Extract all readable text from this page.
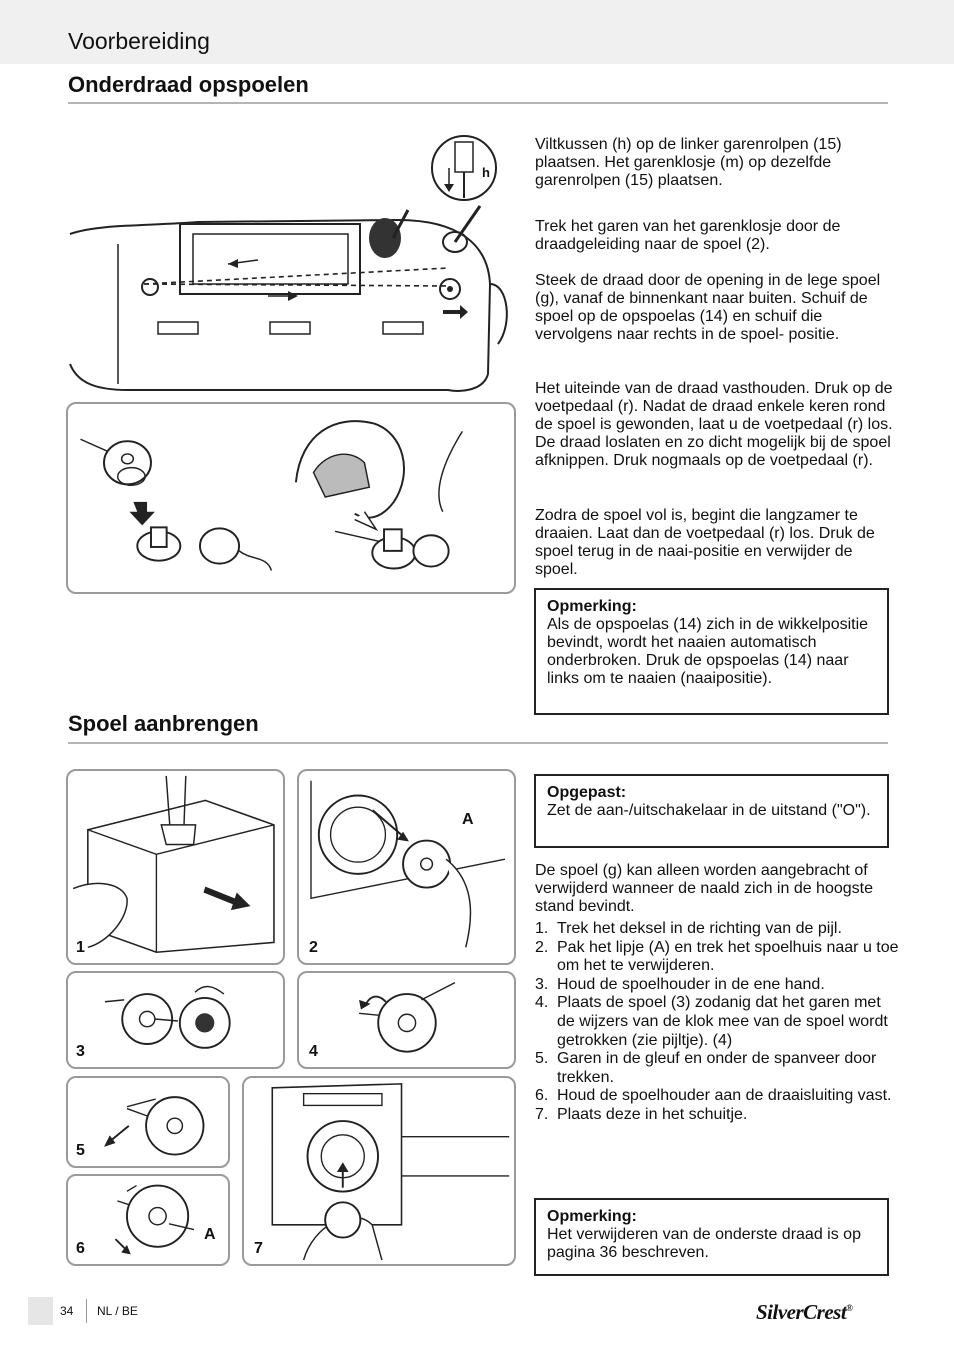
Voorbereiding
Onderdraad opspoelen
h

Viltkussen (h) op de linker garenrolpen (15) plaatsen. Het garenklosje (m) op dezelfde garenrolpen (15) plaatsen.

Trek het garen van het garenklosje door de draadgeleiding naar de spoel (2).

Steek de draad door de opening in de lege spoel (g), vanaf de binnenkant naar buiten. Schuif de spoel op de opspoelas (14) en schuif die vervolgens naar rechts in de spoel- positie.

Het uiteinde van de draad vasthouden. Druk op de voetpedaal (r). Nadat de draad enkele keren rond de spoel is gewonden, laat u de voetpedaal (r) los. De draad loslaten en zo dicht mogelijk bij de spoel afknippen. Druk nogmaals op de voetpedaal (r).

Zodra de spoel vol is, begint die langzamer te draaien. Laat dan de voetpedaal (r) los. Druk de spoel terug in de naai-positie en verwijder de spoel.

Opmerking:
Als de opspoelas (14) zich in de wikkelpositie bevindt, wordt het naaien automatisch onderbroken. Druk de opspoelas (14) naar links om te naaien (naaipositie).
Spoel aanbrengen
1
A
2
3	4
5
A
6	7
Opgepast:
Zet de aan-/uitschakelaar in de uitstand ("O").

De spoel (g) kan alleen worden aangebracht of verwijderd wanneer de naald zich in de hoogste stand bevindt.

1. Trek het deksel in de richting van de pijl.
2. Pak het lipje (A) en trek het spoelhuis naar u toe om het te verwijderen.
3. Houd de spoelhouder in de ene hand.
4. Plaats de spoel (3) zodanig dat het garen met de wijzers van de klok mee van de spoel wordt getrokken (zie pijltje). (4)
5. Garen in de gleuf en onder de spanveer door trekken.
6. Houd de spoelhouder aan de draaisluiting vast.
7. Plaats deze in het schuitje.
Opmerking:
Het verwijderen van de onderste draad is op pagina 36 beschreven.
34 NL / BE	SilverCrest®
